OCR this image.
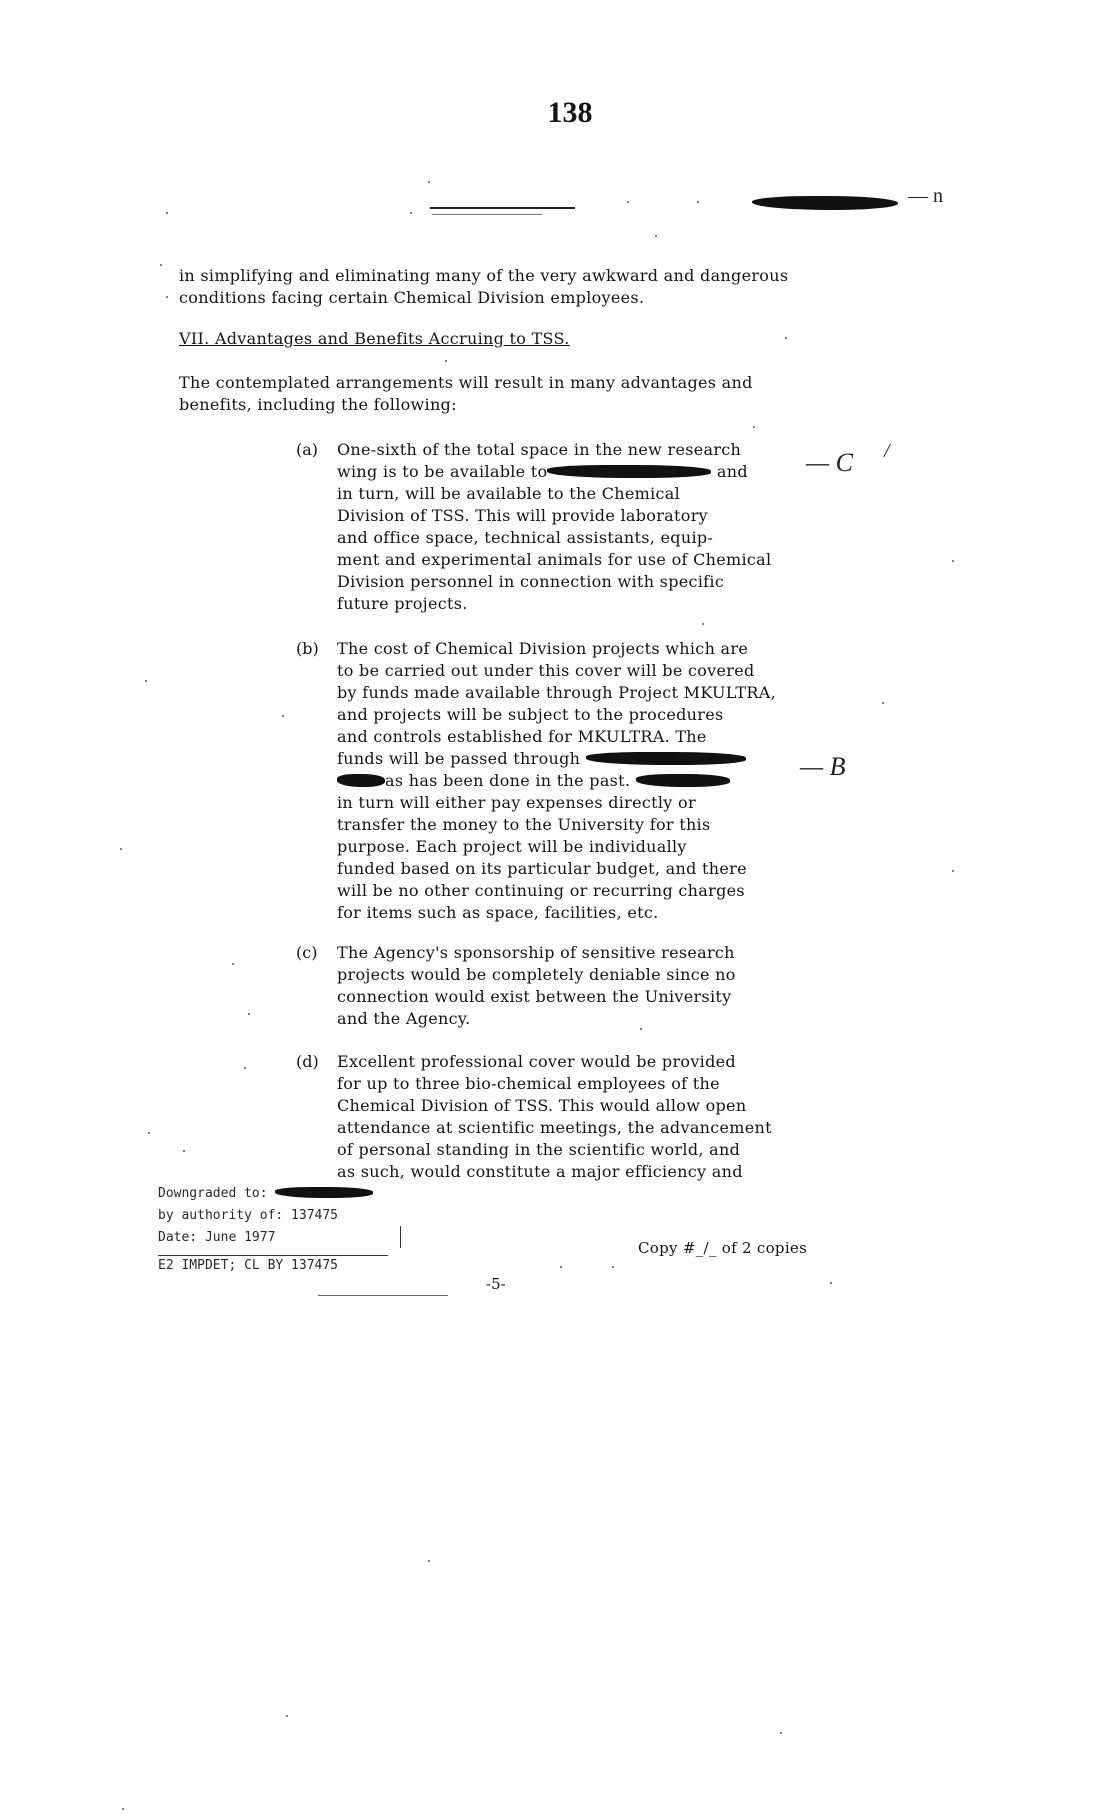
138
— n

in simplifying and eliminating many of the very awkward and dangerous

conditions facing certain Chemical Division employees.

VII. Advantages and Benefits Accruing to TSS.

The contemplated arrangements will result in many advantages and

benefits, including the following:

(a) One-sixth of the total space in the new research
wing is to be available to	and
in turn, will be available to the Chemical
Division of TSS. This will provide laboratory
and office space, technical assistants, equip-
ment and experimental animals for use of Chemical
Division personnel in connection with specific
future projects.
— C /
(b) The cost of Chemical Division projects which are
to be carried out under this cover will be covered
by funds made available through Project MKULTRA,
and projects will be subject to the procedures
and controls established for MKULTRA. The
funds will be passed through
as has been done in the past.
in turn will either pay expenses directly or
transfer the money to the University for this
purpose. Each project will be individually
funded based on its particular budget, and there
will be no other continuing or recurring charges
for items such as space, facilities, etc.
— B
(c) The Agency's sponsorship of sensitive research
projects would be completely deniable since no
connection would exist between the University
and the Agency.
(d) Excellent professional cover would be provided
for up to three bio-chemical employees of the
Chemical Division of TSS. This would allow open
attendance at scientific meetings, the advancement
of personal standing in the scientific world, and
as such, would constitute a major efficiency and
Downgraded to:
by authority of: 137475
Date: June 1977
E2 IMPDET; CL BY 137475
Copy #_/_ of 2 copies
-5-
